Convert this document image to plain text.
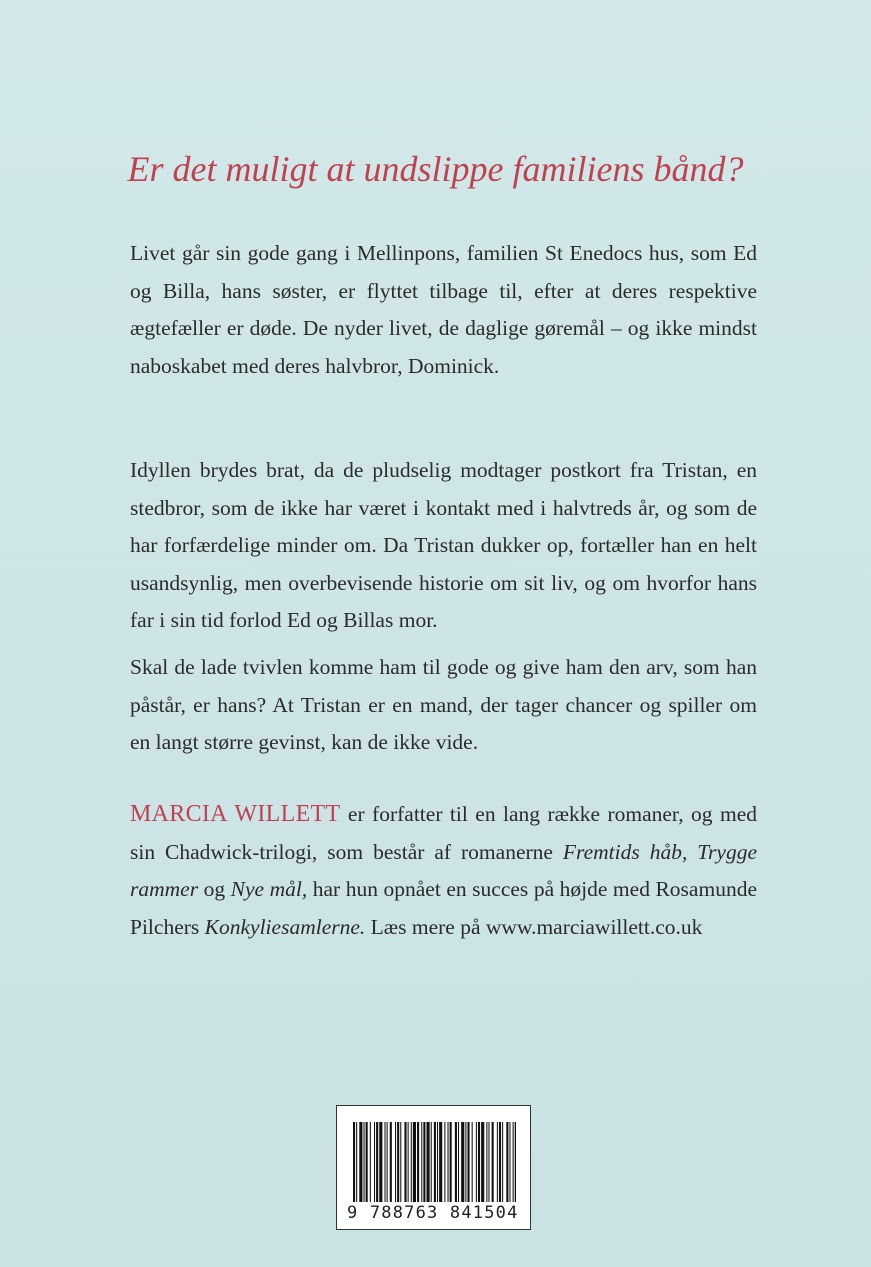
Er det muligt at undslippe familiens bånd?
Livet går sin gode gang i Mellinpons, familien St Enedocs hus, som Ed og Billa, hans søster, er flyttet tilbage til, efter at deres respektive ægtefæller er døde. De nyder livet, de daglige gøremål – og ikke mindst naboskabet med deres halvbror, Dominick.
Idyllen brydes brat, da de pludselig modtager postkort fra Tristan, en stedbror, som de ikke har været i kontakt med i halvtreds år, og som de har forfærdelige minder om. Da Tristan dukker op, fortæller han en helt usandsynlig, men overbevisende historie om sit liv, og om hvorfor hans far i sin tid forlod Ed og Billas mor.
Skal de lade tvivlen komme ham til gode og give ham den arv, som han påstår, er hans? At Tristan er en mand, der tager chancer og spiller om en langt større gevinst, kan de ikke vide.
MARCIA WILLETT er forfatter til en lang række romaner, og med sin Chadwick-trilogi, som består af romanerne Fremtids håb, Trygge rammer og Nye mål, har hun opnået en succes på højde med Rosamunde Pilchers Konkyliesamlerne. Læs mere på www.marciawillett.co.uk
9 788763 841504
